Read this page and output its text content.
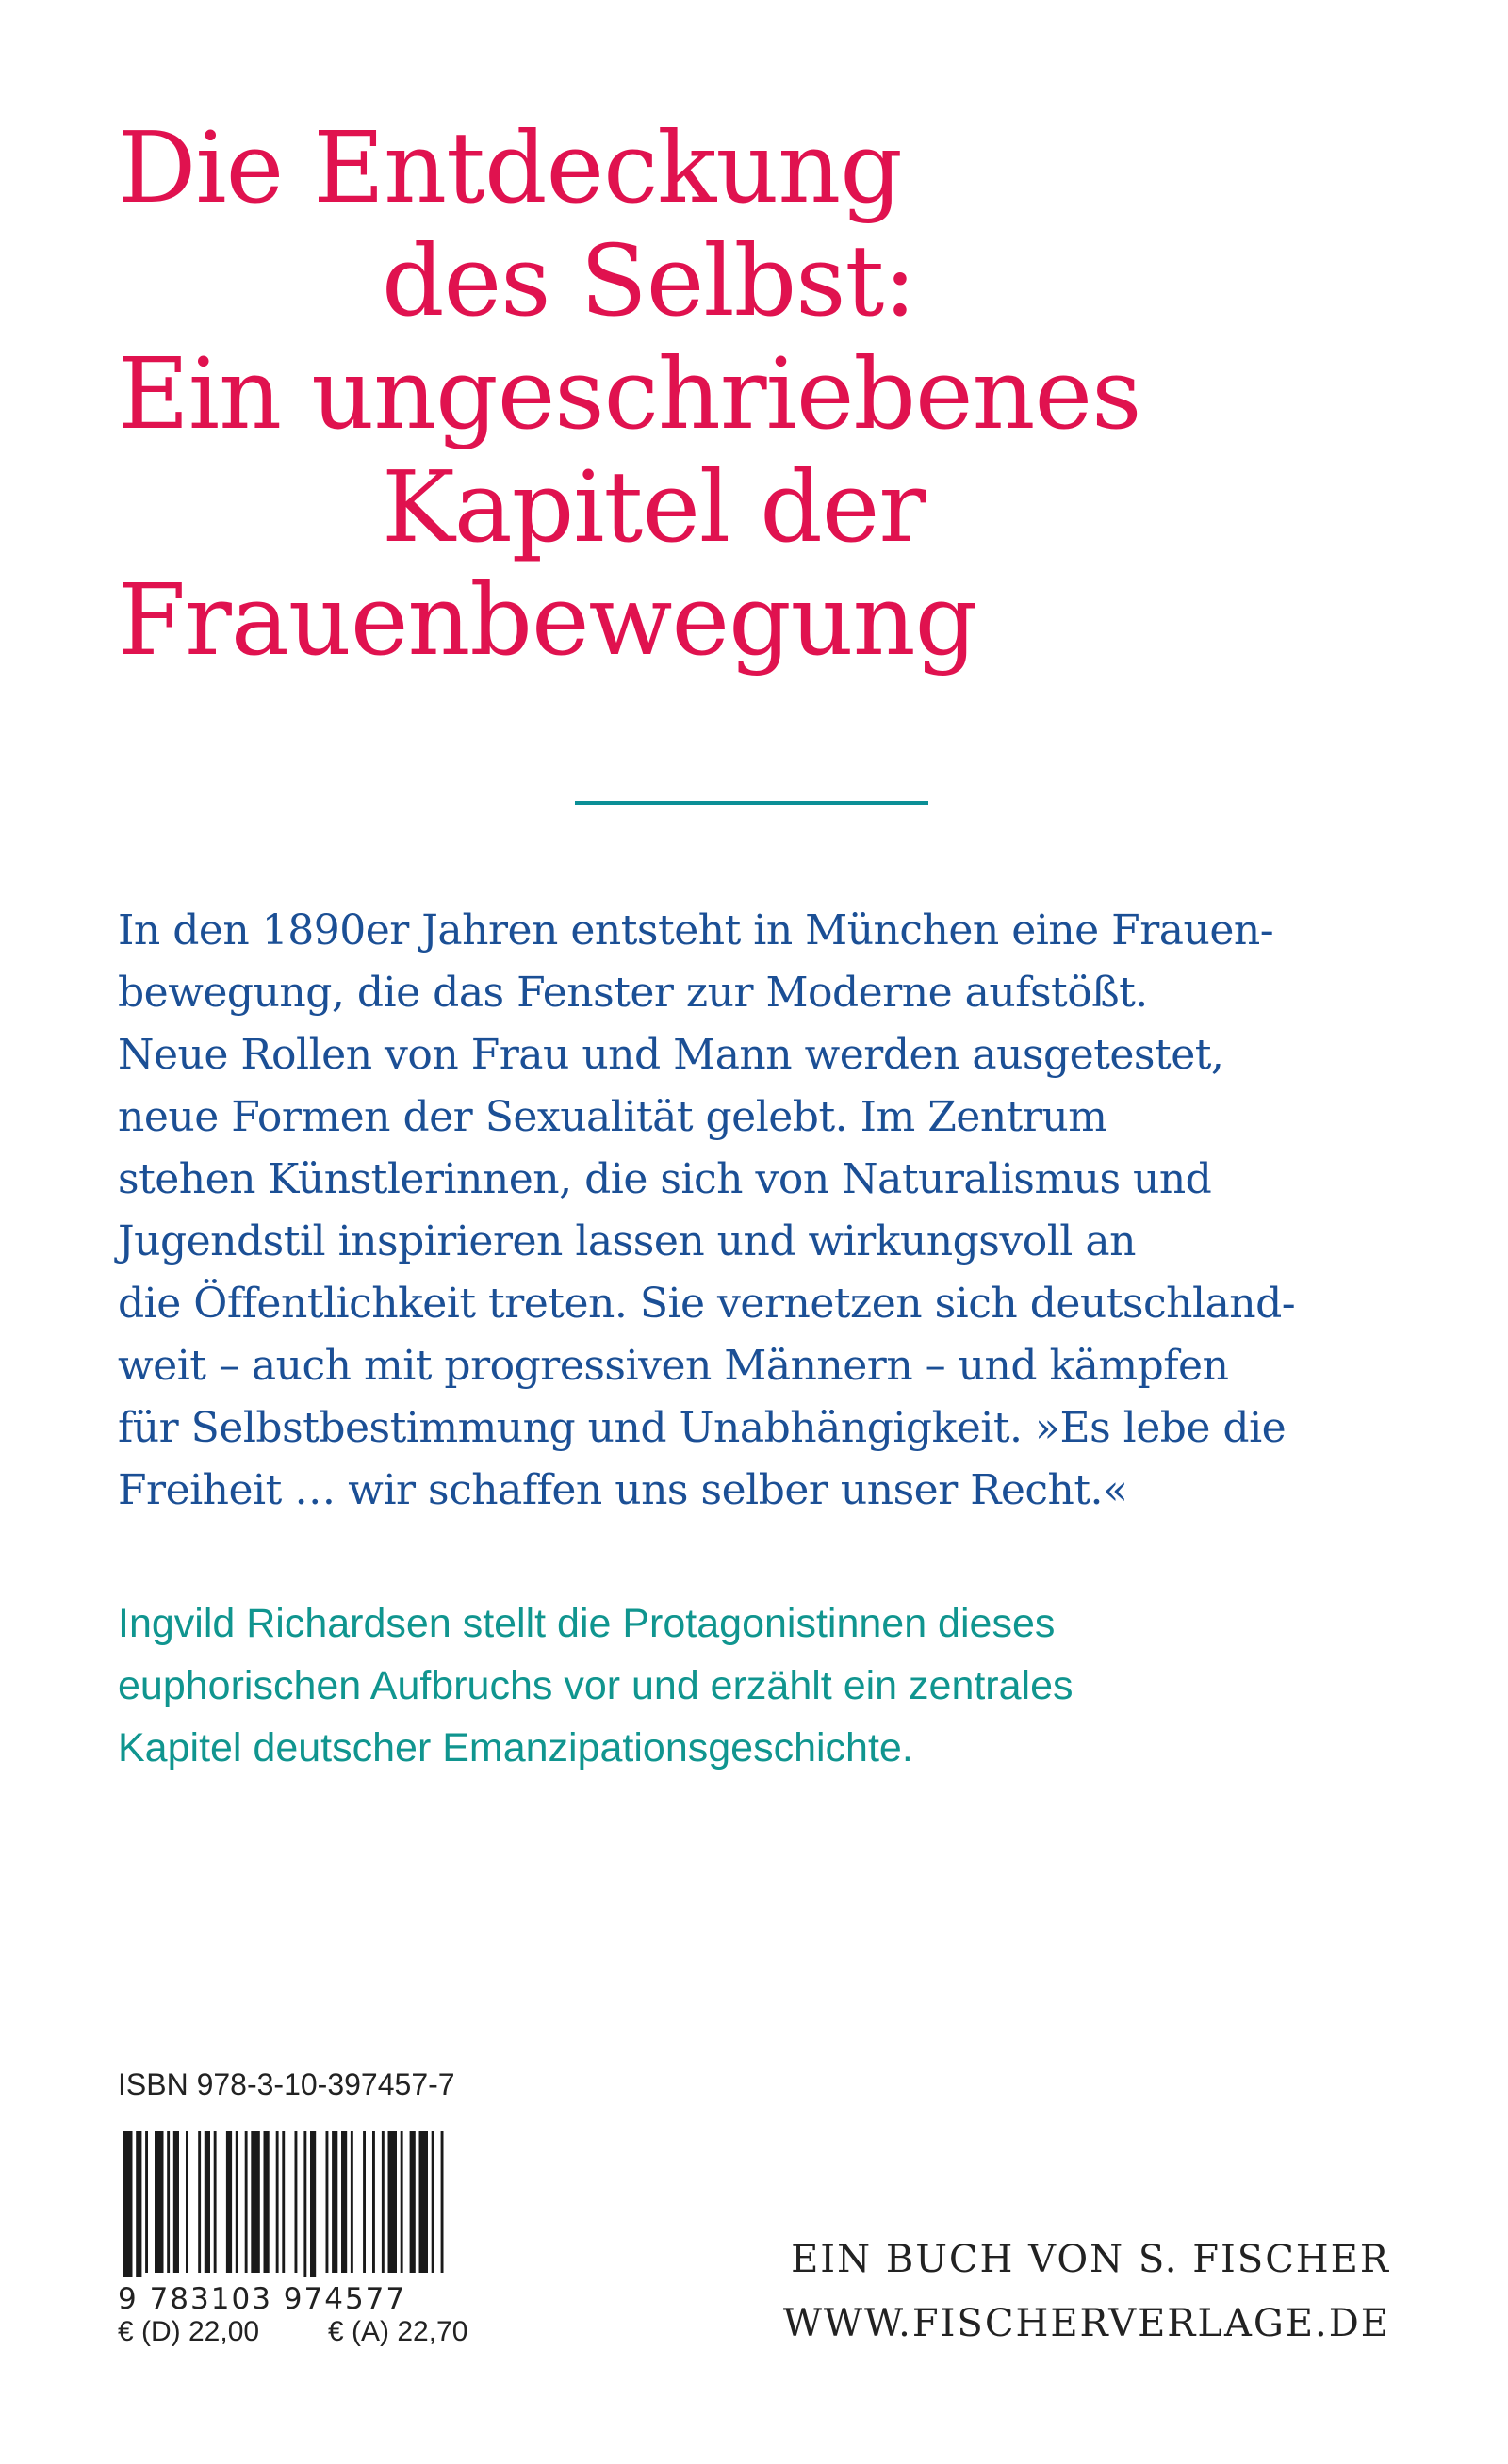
Die Entdeckung
des Selbst:
Ein ungeschriebenes
Kapitel der
Frauenbewegung

In den 1890er Jahren entsteht in München eine Frauen-
bewegung, die das Fenster zur Moderne aufstößt.
Neue Rollen von Frau und Mann werden ausgetestet,
neue Formen der Sexualität gelebt. Im Zentrum
stehen Künstlerinnen, die sich von Naturalismus und
Jugendstil inspirieren lassen und wirkungsvoll an
die Öffentlichkeit treten. Sie vernetzen sich deutschland-
weit – auch mit progressiven Männern – und kämpfen
für Selbstbestimmung und Unabhängigkeit. »Es lebe die
Freiheit … wir schaffen uns selber unser Recht.«

Ingvild Richardsen stellt die Protagonistinnen dieses
euphorischen Aufbruchs vor und erzählt ein zentrales
Kapitel deutscher Emanzipationsgeschichte.

ISBN 978-3-10-397457-7
9 783103 974577
€ (D) 22,00 € (A) 22,70
EIN BUCH VON S. FISCHER
WWW.FISCHERVERLAGE.DE
